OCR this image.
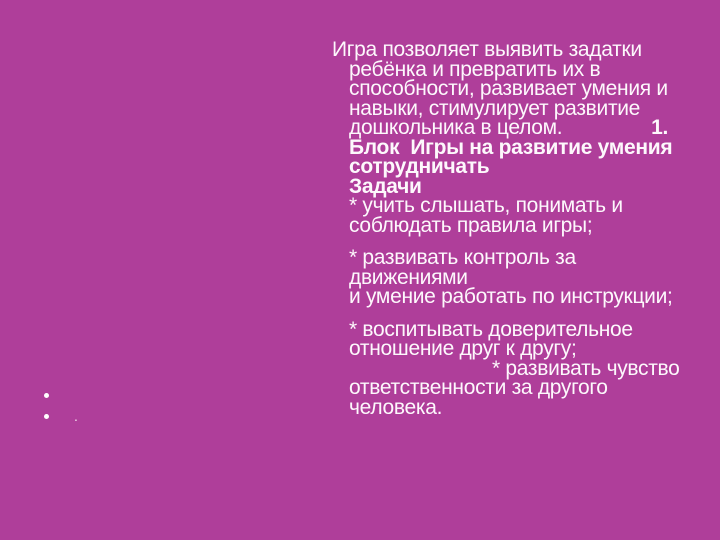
Игра позволяет выявить задатки
ребёнка и превратить их в
способности, развивает умения и
навыки, стимулирует развитие
дошкольника в целом.	1.
Блок  Игры на развитие умения
сотрудничать
Задачи
* учить слышать, понимать и
соблюдать правила игры;
* развивать контроль за движениями
и умение работать по инструкции;
* воспитывать доверительное
отношение друг к другу;
* развивать чувство
ответственности за другого человека.
.
